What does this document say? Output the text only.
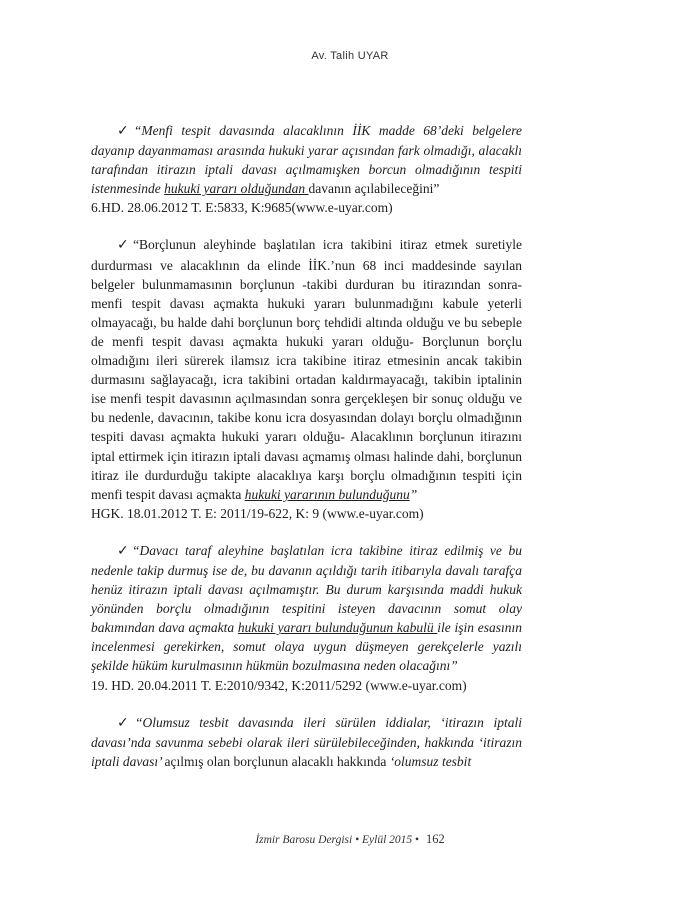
Av. Talih UYAR

✓“Menfi tespit davasında alacaklının İİK madde 68’deki belgelere dayanıp dayanmaması arasında hukuki yarar açısından fark olmadığı, alacaklı tarafından itirazın iptali davası açılmamışken borcun olmadığının tespiti istenmesinde hukuki yararı olduğundan davanın açılabileceğini”

6.HD. 28.06.2012 T. E:5833, K:9685(www.e-uyar.com)

✓“Borçlunun aleyhinde başlatılan icra takibini itiraz etmek suretiyle durdurması ve alacaklının da elinde İİK.’nun 68 inci maddesinde sayılan belgeler bulunmamasının borçlunun -takibi durduran bu itirazından sonra- menfi tespit davası açmakta hukuki yararı bulunmadığını kabule yeterli olmayacağı, bu halde dahi borçlunun borç tehdidi altında olduğu ve bu sebeple de menfi tespit davası açmakta hukuki yararı olduğu- Borçlunun borçlu olmadığını ileri sürerek ilamsız icra takibine itiraz etmesinin ancak takibin durmasını sağlayacağı, icra takibini ortadan kaldırmayacağı, takibin iptalinin ise menfi tespit davasının açılmasından sonra gerçekleşen bir sonuç olduğu ve bu nedenle, davacının, takibe konu icra dosyasından dolayı borçlu olmadığının tespiti davası açmakta hukuki yararı olduğu- Alacaklının borçlunun itirazını iptal ettirmek için itirazın iptali davası açmamış olması halinde dahi, borçlunun itiraz ile durdurduğu takipte alacaklıya karşı borçlu olmadığının tespiti için menfi tespit davası açmakta hukuki yararının bulunduğunu”

HGK. 18.01.2012 T. E: 2011/19-622, K: 9 (www.e-uyar.com)

✓“Davacı taraf aleyhine başlatılan icra takibine itiraz edilmiş ve bu nedenle takip durmuş ise de, bu davanın açıldığı tarih itibarıyla davalı tarafça henüz itirazın iptali davası açılmamıştır. Bu durum karşısında maddi hukuk yönünden borçlu olmadığının tespitini isteyen davacının somut olay bakımından dava açmakta hukuki yararı bulunduğunun kabulü ile işin esasının incelenmesi gerekirken, somut olaya uygun düşmeyen gerekçelerle yazılı şekilde hüküm kurulmasının hükmün bozulmasına neden olacağını”

19. HD. 20.04.2011 T. E:2010/9342, K:2011/5292 (www.e-uyar.com)

✓“Olumsuz tesbit davasında ileri sürülen iddialar, ‘itirazın iptali davası’nda savunma sebebi olarak ileri sürülebileceğinden, hakkında ‘itirazın iptali davası’ açılmış olan borçlunun alacaklı hakkında ‘olumsuz tesbit

İzmir Barosu Dergisi • Eylül 2015 • 162
